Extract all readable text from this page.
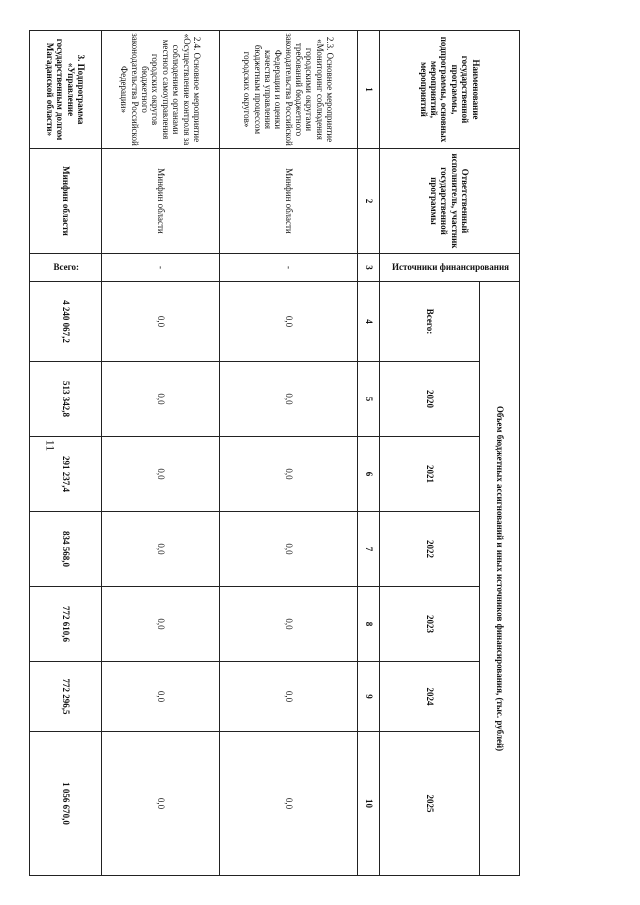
11
Наименование государственной программы, подпрограммы, основных мероприятий, мероприятий	Ответственный исполнитель, участник государственной программы	Источники финансирования	Объем бюджетных ассигнований и иных источников финансирования, (тыс. рублей)						
			Всего:	2020	2021	2022	2023	2024	2025
1	2	3	4	5	6	7	8	9	10
2.3. Основное мероприятие «Мониторинг соблюдения городскими округами требований бюджетного законодательства Российской Федерации и оценки качества управления бюджетным процессом городских округов»	Минфин области	-	0,0	0,0	0,0	0,0	0,0	0,0	0,0
2.4. Основное мероприятие «Осуществление контроля за соблюдением органами местного самоуправления городских округов бюджетного законодательства Российской Федерации»	Минфин области	-	0,0	0,0	0,0	0,0	0,0	0,0	0,0
3. Подпрограмма «Управление государственным долгом Магаданской области»	Минфин области	Всего:	4 240 067,2	513 342,8	291 237,4	834 568,0	772 610,6	772 296,5	1 056 670,0
